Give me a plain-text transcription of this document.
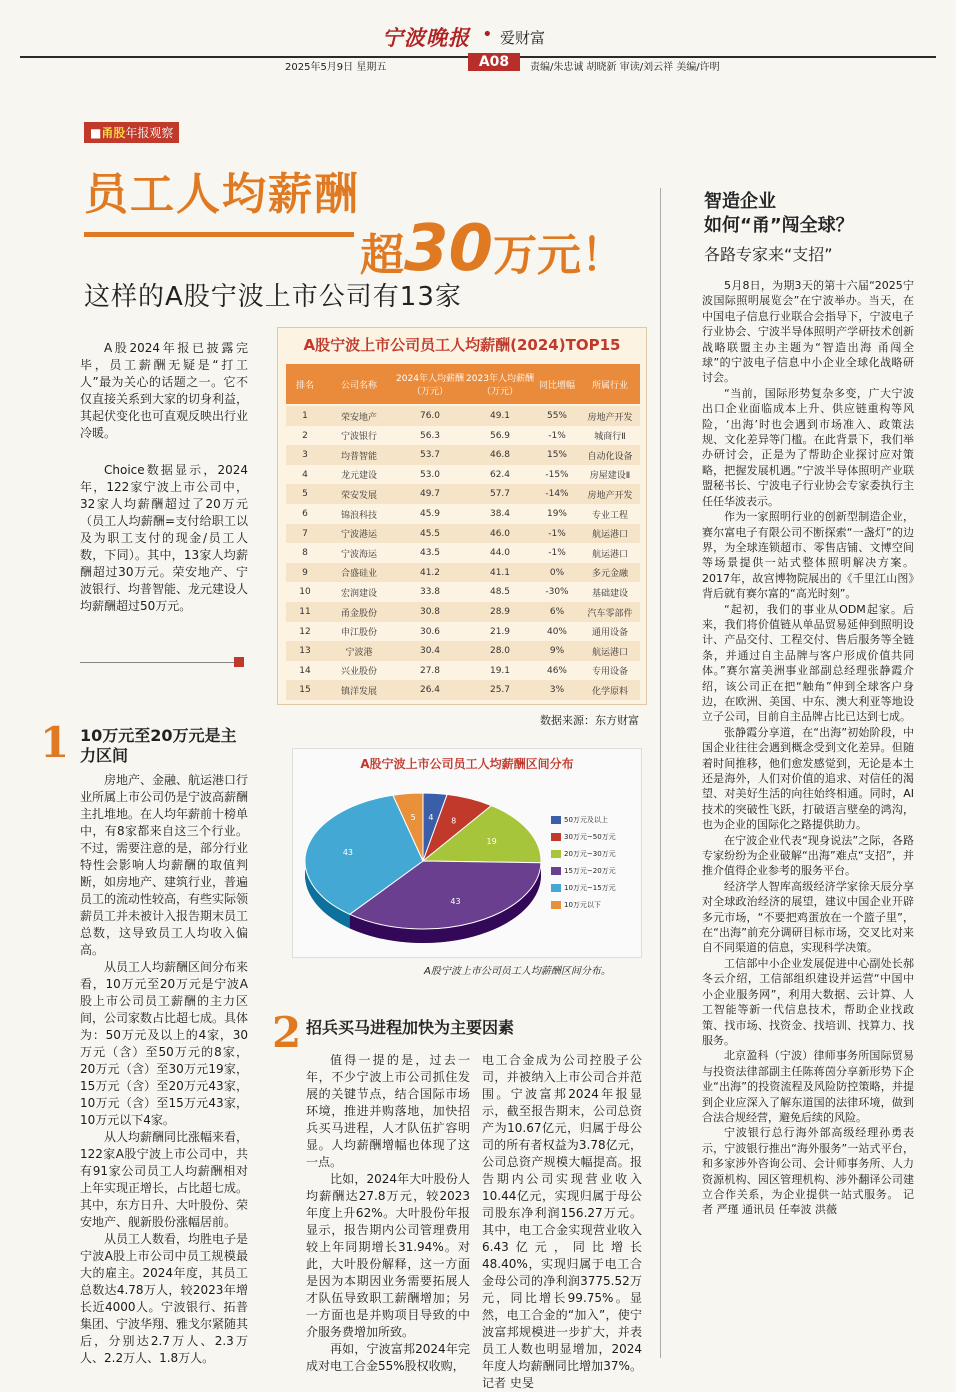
宁波晚报 • 爱财富
2025年5月9日 星期五	A08	责编/朱忠诚 胡晓新 审读/刘云祥 美编/许明
■甬股年报观察
员工人均薪酬
超30万元！
这样的A股宁波上市公司有13家
A股2024年报已披露完毕，员工薪酬无疑是“打工人”最为关心的话题之一。它不仅直接关系到大家的切身利益，其起伏变化也可直观反映出行业冷暖。
Choice数据显示，2024年，122家宁波上市公司中，32家人均薪酬超过了20万元（员工人均薪酬=支付给职工以及为职工支付的现金/员工人数，下同）。其中，13家人均薪酬超过30万元。荣安地产、宁波银行、均普智能、龙元建设人均薪酬超过50万元。
A股宁波上市公司员工人均薪酬(2024)TOP15
排名	公司名称
2024年人均薪酬（万元）
2023年人均薪酬（万元）
同比增幅	所属行业
1	荣安地产	76.0	49.1	55%	房地产开发
2	宁波银行	56.3	56.9	-1%	城商行Ⅱ
3	均普智能	53.7	46.8	15%	自动化设备
4	龙元建设	53.0	62.4	-15%	房屋建设Ⅱ
5	荣安发展	49.7	57.7	-14%	房地产开发
6	锦浪科技	45.9	38.4	19%	专业工程
7	宁波港运	45.5	46.0	-1%	航运港口
8	宁波海运	43.5	44.0	-1%	航运港口
9	合盛硅业	41.2	41.1	0%	多元金融
10	宏润建设	33.8	48.5	-30%	基础建设
11	甬金股份	30.8	28.9	6%	汽车零部件
12	申江股份	30.6	21.9	40%	通用设备
13	宁波港	30.4	28.0	9%	航运港口
14	兴业股份	27.8	19.1	46%	专用设备
15	镇洋发展	26.4	25.7	3%	化学原料
数据来源：东方财富
A股宁波上市公司员工人均薪酬区间分布
4 8
19
43
43
5	50万元及以上
30万元~50万元
20万元~30万元
15万元~20万元
10万元~15万元
10万元以下
A股宁波上市公司员工人均薪酬区间分布。
1 10万元至20万元是主力区间

房地产、金融、航运港口行业所属上市公司仍是宁波高薪酬主扎堆地。在人均年薪前十榜单中，有8家都来自这三个行业。不过，需要注意的是，部分行业特性会影响人均薪酬的取值判断，如房地产、建筑行业，普遍员工的流动性较高，有些实际领薪员工并未被计入报告期末员工总数，这导致员工人均收入偏高。

从员工人均薪酬区间分布来看，10万元至20万元是宁波A股上市公司员工薪酬的主力区间，公司家数占比超七成。具体为：50万元及以上的4家，30万元（含）至50万元的8家，20万元（含）至30万元19家，15万元（含）至20万元43家，10万元（含）至15万元43家，10万元以下4家。

从人均薪酬同比涨幅来看，122家A股宁波上市公司中，共有91家公司员工人均薪酬相对上年实现正增长，占比超七成。其中，东方日升、大叶股份、荣安地产、舰新股份涨幅居前。

从员工人数看，均胜电子是宁波A股上市公司中员工规模最大的雇主。2024年度，其员工总数达4.78万人，较2023年增长近4000人。宁波银行、拓普集团、宁波华翔、雅戈尔紧随其后，分别达2.7万人、2.3万人、2.2万人、1.8万人。

2 招兵买马进程加快为主要因素

值得一提的是，过去一年，不少宁波上市公司抓住发展的关键节点，结合国际市场环境，推进并购落地，加快招兵买马进程，人才队伍扩容明显。人均薪酬增幅也体现了这一点。

比如，2024年大叶股份人均薪酬达27.8万元，较2023年度上升62%。大叶股份年报显示，报告期内公司管理费用较上年同期增长31.94%。对此，大叶股份解释，这一方面是因为本期因业务需要拓展人才队伍导致职工薪酬增加；另一方面也是并购项目导致的中介服务费增加所致。

再如，宁波富邦2024年完成对电工合金55%股权收购，

电工合金成为公司控股子公司，并被纳入上市公司合并范围。宁波富邦2024年报显示，截至报告期末，公司总资产为10.67亿元，归属于母公司的所有者权益为3.78亿元，公司总资产规模大幅提高。报告期内公司实现营业收入10.44亿元，实现归属于母公司股东净利润156.27万元。其中，电工合金实现营业收入6.43亿元，同比增长48.40%，实现归属于电工合金母公司的净利润3775.52万元，同比增长99.75%。显然，电工合金的“加入”，使宁波富邦规模进一步扩大，并表员工人数也明显增加，2024年度人均薪酬同比增加37%。 记者 史旻

智造企业
如何“甬”闯全球？
各路专家来“支招”

5月8日，为期3天的第十六届“2025宁波国际照明展览会”在宁波举办。当天，在中国电子信息行业联合会指导下，宁波电子行业协会、宁波半导体照明产学研技术创新战略联盟主办主题为“智造出海 甬闯全球”的宁波电子信息中小企业全球化战略研讨会。

“当前，国际形势复杂多变，广大宁波出口企业面临成本上升、供应链重构等风险，‘出海’时也会遇到市场准入、政策法规、文化差异等门槛。在此背景下，我们举办研讨会，正是为了帮助企业探讨应对策略，把握发展机遇。”宁波半导体照明产业联盟秘书长、宁波电子行业协会专家委执行主任任华波表示。

作为一家照明行业的创新型制造企业，赛尔富电子有限公司不断探索“一盏灯”的边界，为全球连锁超市、零售店铺、文博空间等场景提供一站式整体照明解决方案。2017年，故宫博物院展出的《千里江山图》背后就有赛尔富的“高光时刻”。

“起初，我们的事业从ODM起家。后来，我们将价值链从单品贸易延伸到照明设计、产品交付、工程交付、售后服务等全链条，并通过自主品牌与客户形成价值共同体。”赛尔富美洲事业部副总经理张静霞介绍，该公司正在把“触角”伸到全球客户身边，在欧洲、美国、中东、澳大利亚等地设立子公司，目前自主品牌占比已达到七成。

张静霞分享道，在“出海”初始阶段，中国企业往往会遇到概念受到文化差异。但随着时间推移，他们愈发感觉到，无论是本土还是海外，人们对价值的追求、对信任的渴望、对美好生活的向往始终相通。同时，AI技术的突破性飞跃，打破语言壁垒的鸿沟，也为企业的国际化之路提供助力。

在宁波企业代表“现身说法”之际，各路专家纷纷为企业破解“出海”难点“支招”，并推介值得企业参考的服务平台。

经济学人智库高级经济学家徐天辰分享对全球政治经济的展望，建议中国企业开辟多元市场，“不要把鸡蛋放在一个篮子里”，在“出海”前充分调研目标市场，交叉比对来自不同渠道的信息，实现科学决策。

工信部中小企业发展促进中心副处长郝冬云介绍，工信部组织建设并运营“中国中小企业服务网”，利用大数据、云计算、人工智能等新一代信息技术，帮助企业找政策、找市场、找资金、找培训、找算力、找服务。

北京盈科（宁波）律师事务所国际贸易与投资法律部副主任陈蒋茵分享新形势下企业“出海”的投资流程及风险防控策略，并提到企业应深入了解东道国的法律环境，做到合法合规经营，避免后续的风险。

宁波银行总行海外部高级经理孙勇表示，宁波银行推出“海外服务”一站式平台，和多家涉外咨询公司、会计师事务所、人力资源机构、园区管理机构、涉外翻译公司建立合作关系，为企业提供一站式服务。 记者 严瑾 通讯员 任奉波 洪薇
